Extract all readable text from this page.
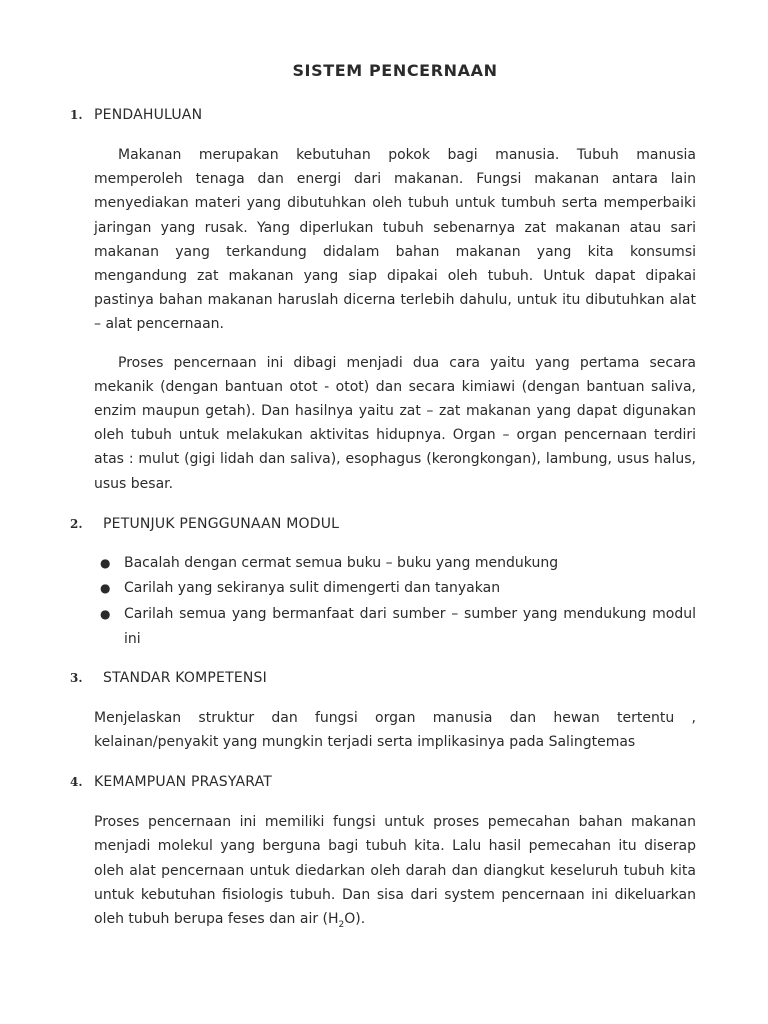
SISTEM PENCERNAAN
1. PENDAHULUAN

Makanan merupakan kebutuhan pokok bagi manusia. Tubuh manusia memperoleh tenaga dan energi dari makanan. Fungsi makanan antara lain menyediakan materi yang dibutuhkan oleh tubuh untuk tumbuh serta memperbaiki jaringan yang rusak. Yang diperlukan tubuh sebenarnya zat makanan atau sari makanan yang terkandung didalam bahan makanan yang kita konsumsi mengandung zat makanan yang siap dipakai oleh tubuh. Untuk dapat dipakai pastinya bahan makanan haruslah dicerna terlebih dahulu, untuk itu dibutuhkan alat – alat pencernaan.

Proses pencernaan ini dibagi menjadi dua cara yaitu yang pertama secara mekanik (dengan bantuan otot - otot) dan secara kimiawi (dengan bantuan saliva, enzim maupun getah). Dan hasilnya yaitu zat – zat makanan yang dapat digunakan oleh tubuh untuk melakukan aktivitas hidupnya. Organ – organ pencernaan terdiri atas : mulut (gigi lidah dan saliva), esophagus (kerongkongan), lambung, usus halus, usus besar.

2.	PETUNJUK PENGGUNAAN MODUL
● Bacalah dengan cermat semua buku – buku yang mendukung
● Carilah yang sekiranya sulit dimengerti dan tanyakan
● Carilah semua yang bermanfaat dari sumber – sumber yang mendukung modul ini
3.	STANDAR KOMPETENSI

Menjelaskan struktur dan fungsi organ manusia dan hewan tertentu , kelainan/penyakit yang mungkin terjadi serta implikasinya pada Salingtemas

4. KEMAMPUAN PRASYARAT

Proses pencernaan ini memiliki fungsi untuk proses pemecahan bahan makanan menjadi molekul yang berguna bagi tubuh kita. Lalu hasil pemecahan itu diserap oleh alat pencernaan untuk diedarkan oleh darah dan diangkut keseluruh tubuh kita untuk kebutuhan fisiologis tubuh. Dan sisa dari system pencernaan ini dikeluarkan oleh tubuh berupa feses dan air $(H_2O)$.
